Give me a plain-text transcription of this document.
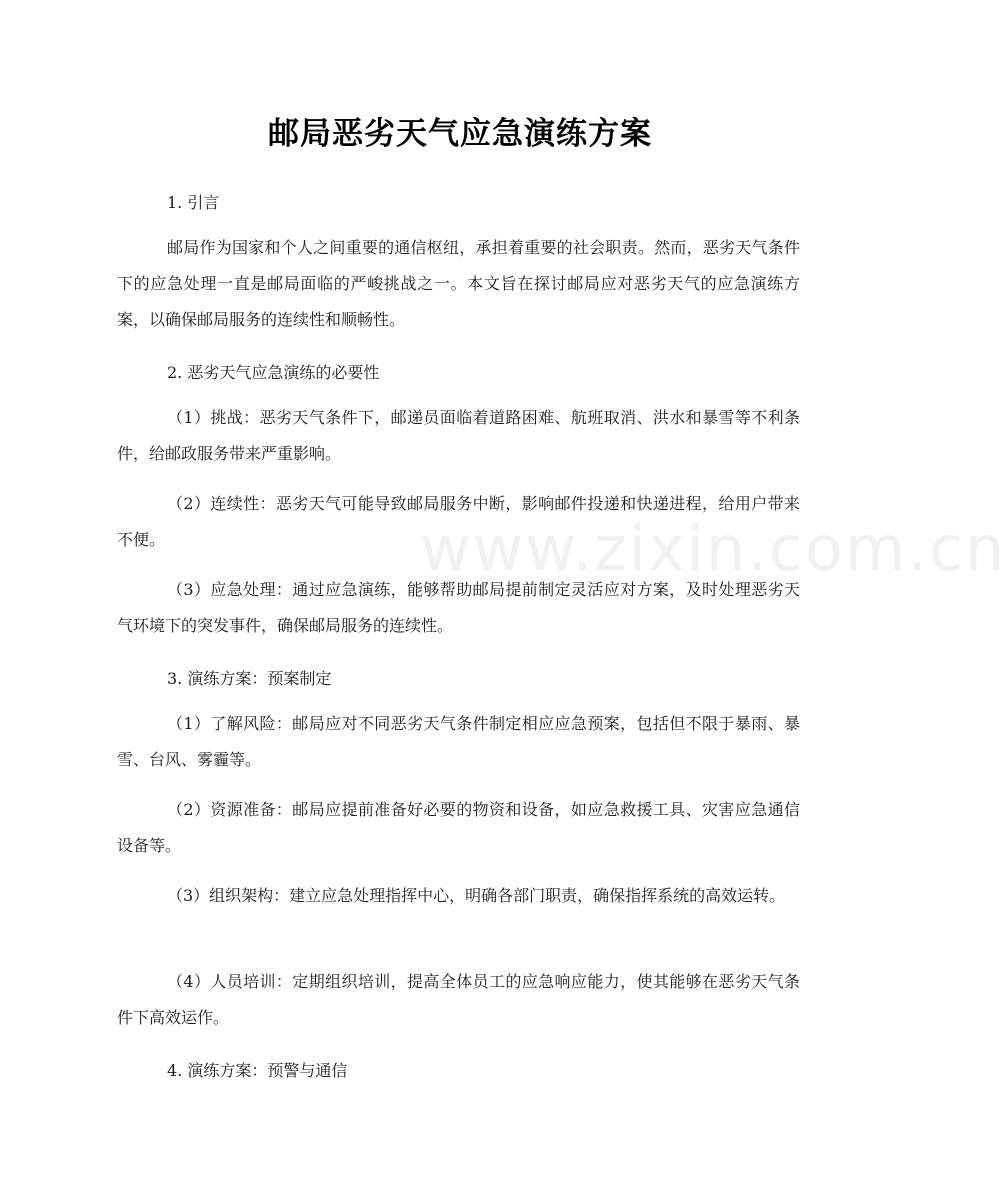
邮局恶劣天气应急演练方案
www.zixin.com.cn
1. 引言
邮局作为国家和个人之间重要的通信枢纽，承担着重要的社会职责。然而，恶劣天气条件下的应急处理一直是邮局面临的严峻挑战之一。本文旨在探讨邮局应对恶劣天气的应急演练方案，以确保邮局服务的连续性和顺畅性。
2. 恶劣天气应急演练的必要性
（1）挑战：恶劣天气条件下，邮递员面临着道路困难、航班取消、洪水和暴雪等不利条件，给邮政服务带来严重影响。
（2）连续性：恶劣天气可能导致邮局服务中断，影响邮件投递和快递进程，给用户带来不便。
（3）应急处理：通过应急演练，能够帮助邮局提前制定灵活应对方案，及时处理恶劣天气环境下的突发事件，确保邮局服务的连续性。
3. 演练方案：预案制定
（1）了解风险：邮局应对不同恶劣天气条件制定相应应急预案，包括但不限于暴雨、暴雪、台风、雾霾等。
（2）资源准备：邮局应提前准备好必要的物资和设备，如应急救援工具、灾害应急通信设备等。
（3）组织架构：建立应急处理指挥中心，明确各部门职责，确保指挥系统的高效运转。
（4）人员培训：定期组织培训，提高全体员工的应急响应能力，使其能够在恶劣天气条件下高效运作。
4. 演练方案：预警与通信
